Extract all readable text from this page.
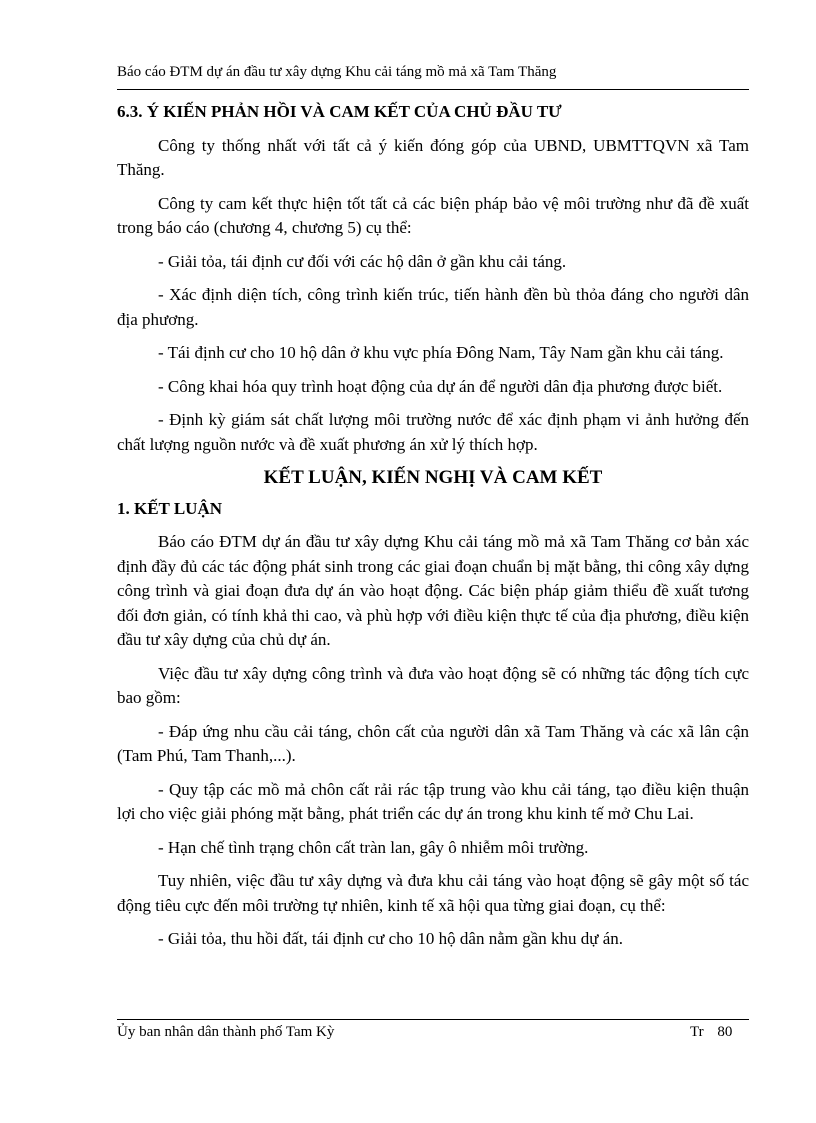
Báo cáo ĐTM dự án đầu tư xây dựng Khu cải táng mồ mả xã Tam Thăng

6.3. Ý KIẾN PHẢN HỒI VÀ CAM KẾT CỦA CHỦ ĐẦU TƯ

Công ty thống nhất với tất cả ý kiến đóng góp của UBND, UBMTTQVN xã Tam Thăng.

Công ty cam kết thực hiện tốt tất cả các biện pháp bảo vệ môi trường như đã đề xuất trong báo cáo (chương 4, chương 5) cụ thể:

- Giải tỏa, tái định cư đối với các hộ dân ở gần khu cải táng.

- Xác định diện tích, công trình kiến trúc, tiến hành đền bù thỏa đáng cho người dân địa phương.

- Tái định cư cho 10 hộ dân ở khu vực phía Đông Nam, Tây Nam gần khu cải táng.

- Công khai hóa quy trình hoạt động của dự án để người dân địa phương được biết.

- Định kỳ giám sát chất lượng môi trường nước để xác định phạm vi ảnh hưởng đến chất lượng nguồn nước và đề xuất phương án xử lý thích hợp.

KẾT LUẬN, KIẾN NGHỊ VÀ CAM KẾT

1. KẾT LUẬN

Báo cáo ĐTM dự án đầu tư xây dựng Khu cải táng mồ mả xã Tam Thăng cơ bản xác định đầy đủ các tác động phát sinh trong các giai đoạn chuẩn bị mặt bằng, thi công xây dựng công trình và giai đoạn đưa dự án vào hoạt động. Các biện pháp giảm thiểu đề xuất tương đối đơn giản, có tính khả thi cao, và phù hợp với điều kiện thực tế của địa phương, điều kiện đầu tư xây dựng của chủ dự án.

Việc đầu tư xây dựng công trình và đưa vào hoạt động sẽ có những tác động tích cực bao gồm:

- Đáp ứng nhu cầu cải táng, chôn cất của người dân xã Tam Thăng và các xã lân cận (Tam Phú, Tam Thanh,...).

- Quy tập các mồ mả chôn cất rải rác tập trung vào khu cải táng, tạo điều kiện thuận lợi cho việc giải phóng mặt bằng, phát triển các dự án trong khu kinh tế mở Chu Lai.

- Hạn chế tình trạng chôn cất tràn lan, gây ô nhiễm môi trường.

Tuy nhiên, việc đầu tư xây dựng và đưa khu cải táng vào hoạt động sẽ gây một số tác động tiêu cực đến môi trường tự nhiên, kinh tế xã hội qua từng giai đoạn, cụ thể:

- Giải tỏa, thu hồi đất, tái định cư cho 10 hộ dân nằm gần khu dự án.

Ủy ban nhân dân thành phố Tam Kỳ	Tr 80
